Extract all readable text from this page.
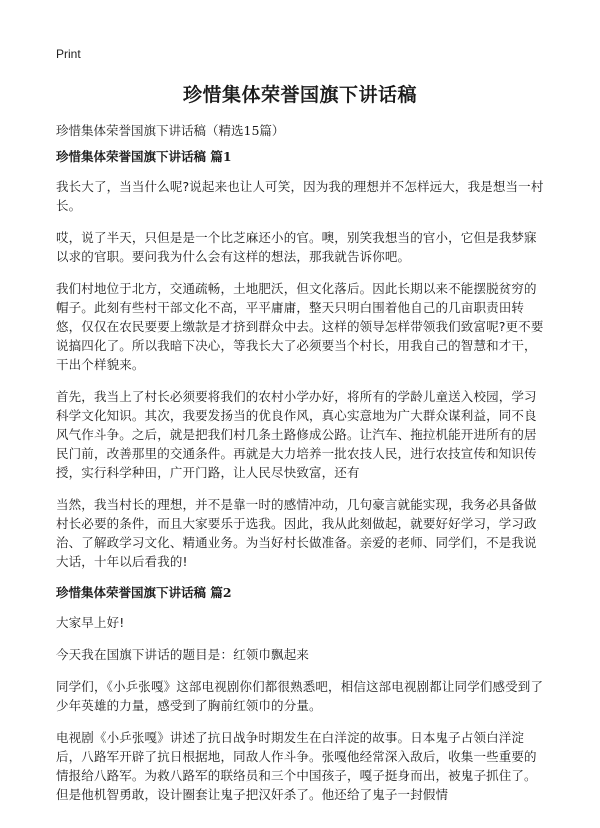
Print
珍惜集体荣誉国旗下讲话稿
珍惜集体荣誉国旗下讲话稿（精选15篇）
珍惜集体荣誉国旗下讲话稿 篇1

我长大了，当当什么呢?说起来也让人可笑，因为我的理想并不怎样远大，我是想当一村长。

哎，说了半天，只但是是一个比芝麻还小的官。噢，别笑我想当的官小，它但是我梦寐以求的官职。要问我为什么会有这样的想法，那我就告诉你吧。

我们村地位于北方，交通疏畅，土地肥沃，但文化落后。因此长期以来不能摆脱贫穷的帽子。此刻有些村干部文化不高，平平庸庸，整天只明白围着他自己的几亩职责田转悠，仅仅在农民要要上缴款是才挤到群众中去。这样的领导怎样带领我们致富呢?更不要说搞四化了。所以我暗下决心，等我长大了必须要当个村长，用我自己的智慧和才干，干出个样貌来。

首先，我当上了村长必须要将我们的农村小学办好，将所有的学龄儿童送入校园，学习科学文化知识。其次，我要发扬当的优良作风，真心实意地为广大群众谋利益，同不良风气作斗争。之后，就是把我们村几条土路修成公路。让汽车、拖拉机能开进所有的居民门前，改善那里的交通条件。再就是大力培养一批农技人民，进行农技宣传和知识传授，实行科学种田，广开门路，让人民尽快致富，还有

当然，我当村长的理想，并不是靠一时的感情冲动，几句豪言就能实现，我务必具备做村长必要的条件，而且大家要乐于选我。因此，我从此刻做起，就要好好学习，学习政治、了解政学习文化、精通业务。为当好村长做准备。亲爱的老师、同学们，不是我说大话，十年以后看我的!

珍惜集体荣誉国旗下讲话稿 篇2

大家早上好!

今天我在国旗下讲话的题目是：红领巾飘起来

同学们，《小乒张嘎》这部电视剧你们都很熟悉吧，相信这部电视剧都让同学们感受到了少年英雄的力量，感受到了胸前红领巾的分量。

电视剧《小乒张嘎》讲述了抗日战争时期发生在白洋淀的故事。日本鬼子占领白洋淀后，八路军开辟了抗日根据地，同敌人作斗争。张嘎他经常深入敌后，收集一些重要的情报给八路军。为救八路军的联络员和三个中国孩子，嘎子挺身而出，被鬼子抓住了。但是他机智勇敢，设计圈套让鬼子把汉奸杀了。他还给了鬼子一封假情
